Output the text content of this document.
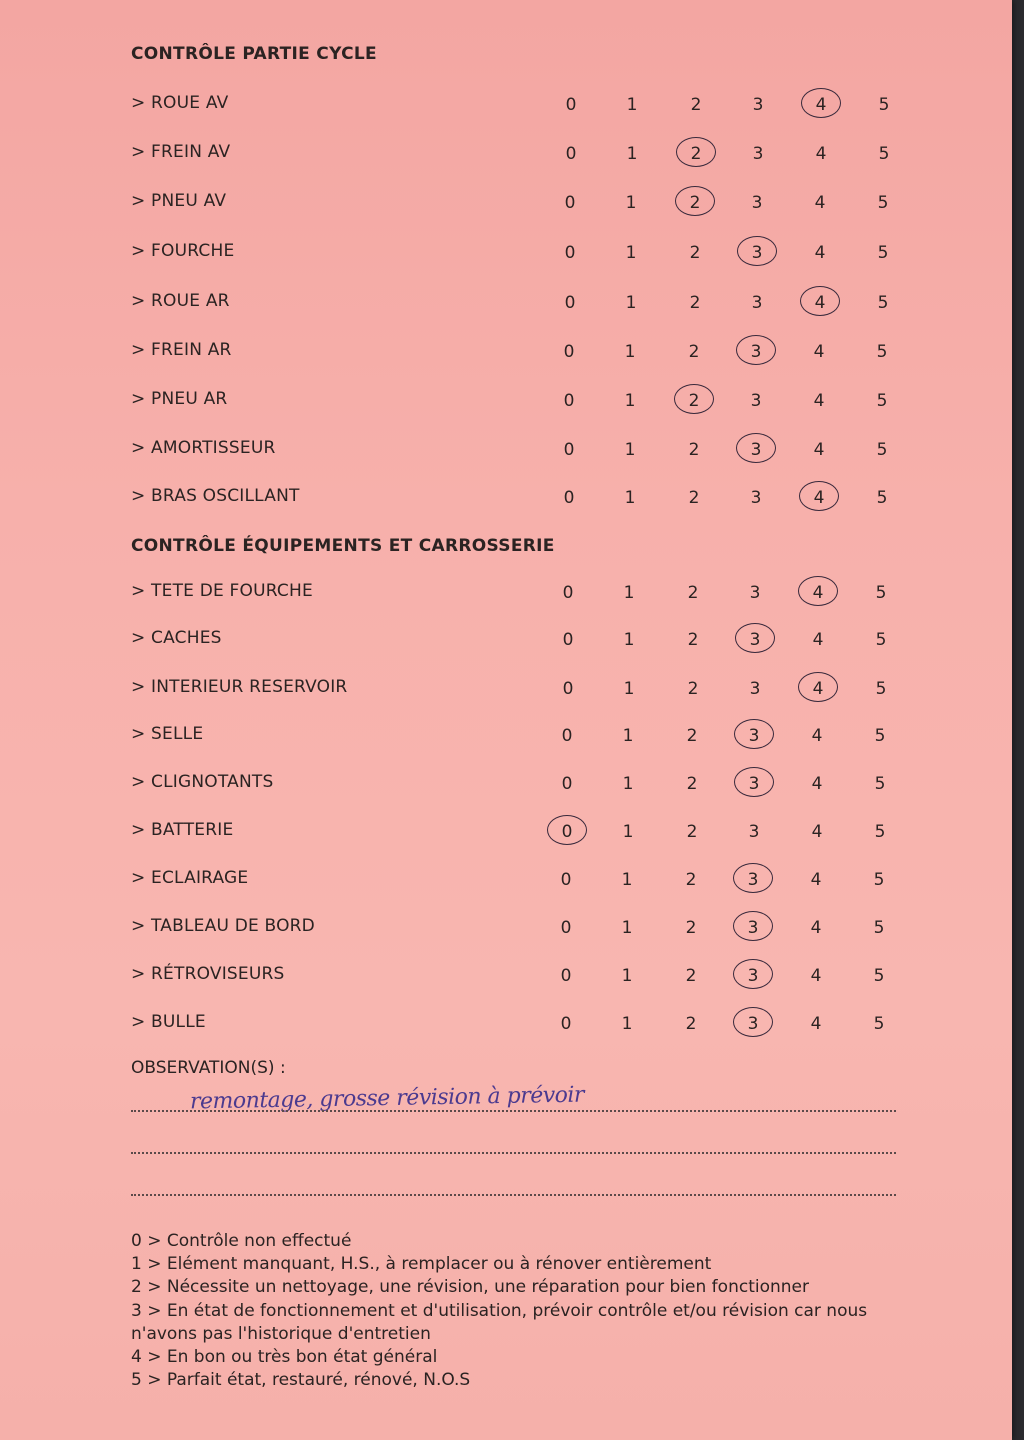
CONTRÔLE PARTIE CYCLE
CONTRÔLE ÉQUIPEMENTS ET CARROSSERIE
> ROUE AV	0	1	2	3	4	5
> FREIN AV	0	1	2	3	4	5
> PNEU AV	0	1	2	3	4	5
> FOURCHE	0	1	2	3	4	5
> ROUE AR	0	1	2	3	4	5
> FREIN AR	0	1	2	3	4	5
> PNEU AR	0	1	2	3	4	5
> AMORTISSEUR	0	1	2	3	4	5
> BRAS OSCILLANT	0	1	2	3	4	5
> TETE DE FOURCHE	0	1	2	3	4	5
> CACHES	0	1	2	3	4	5
> INTERIEUR RESERVOIR	0	1	2	3	4	5
> SELLE	0	1	2	3	4	5
> CLIGNOTANTS	0	1	2	3	4	5
> BATTERIE	0	1	2	3	4	5
> ECLAIRAGE	0	1	2	3	4	5
> TABLEAU DE BORD	0	1	2	3	4	5
> RÉTROVISEURS	0	1	2	3	4	5
> BULLE	0	1	2	3	4	5
OBSERVATION(S) :
remontage, grosse révision à prévoir
0 > Contrôle non effectué
1 > Elément manquant, H.S., à remplacer ou à rénover entièrement
2 > Nécessite un nettoyage, une révision, une réparation pour bien fonctionner
3 > En état de fonctionnement et d'utilisation, prévoir contrôle et/ou révision car nous n'avons pas l'historique d'entretien
4 > En bon ou très bon état général
5 > Parfait état, restauré, rénové, N.O.S
